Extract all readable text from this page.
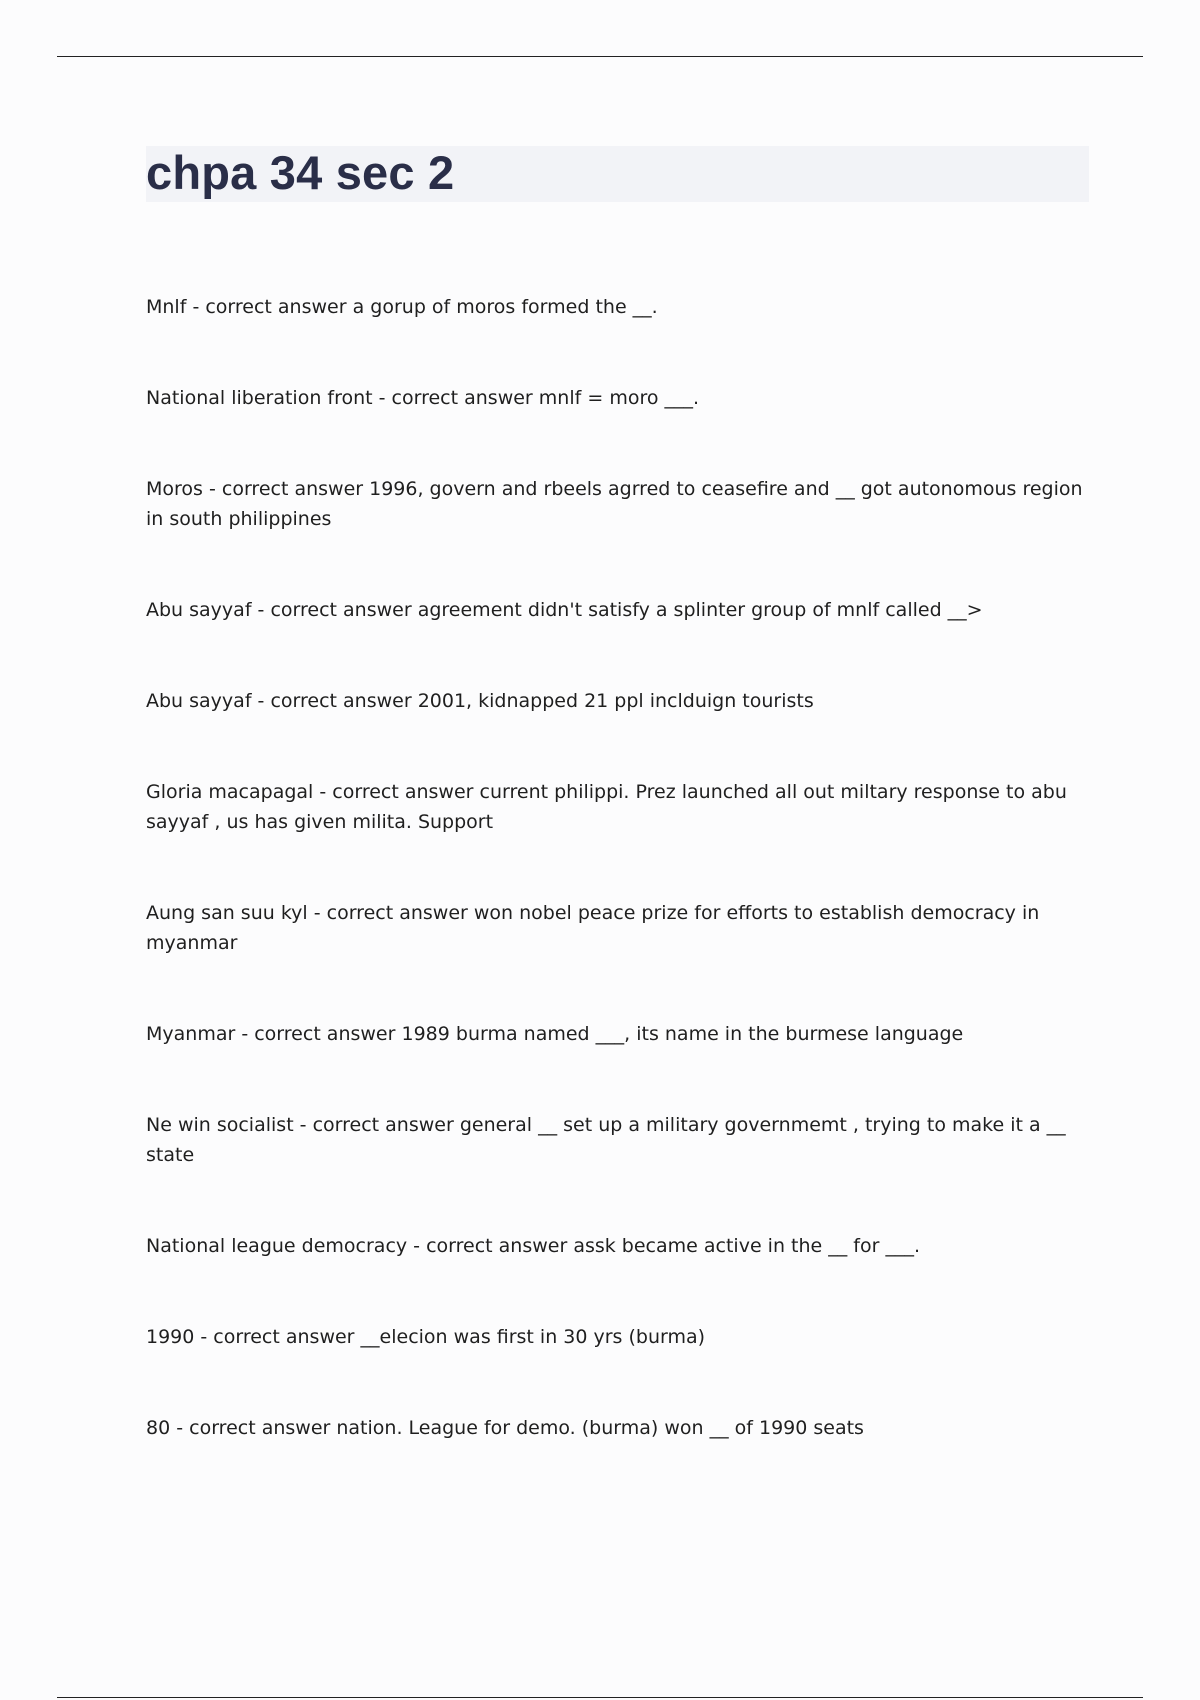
chpa 34 sec 2
Mnlf - correct answer a gorup of moros formed the __.
National liberation front - correct answer mnlf = moro ___.
Moros - correct answer 1996, govern and rbeels agrred to ceasefire and __ got autonomous region in south philippines
Abu sayyaf - correct answer agreement didn't satisfy a splinter group of mnlf called __>
Abu sayyaf - correct answer 2001, kidnapped 21 ppl inclduign tourists
Gloria macapagal - correct answer current philippi. Prez launched all out miltary response to abu sayyaf , us has given milita. Support
Aung san suu kyl - correct answer won nobel peace prize for efforts to establish democracy in myanmar
Myanmar - correct answer 1989 burma named ___, its name in the burmese language
Ne win socialist - correct answer general __ set up a military governmemt , trying to make it a __ state
National league democracy - correct answer assk became active in the __ for ___.
1990 - correct answer __elecion was first in 30 yrs (burma)
80 - correct answer nation. League for demo. (burma) won __ of 1990 seats
